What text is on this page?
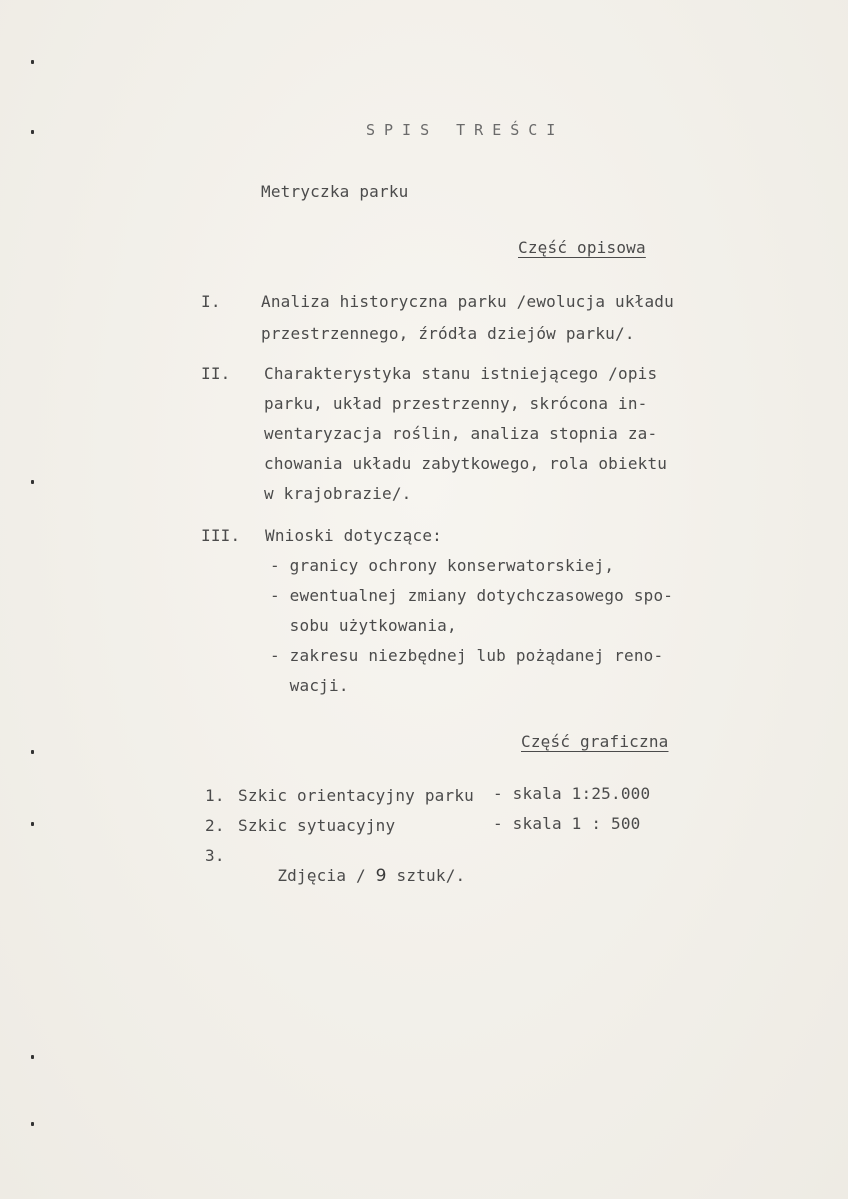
SPIS TREŚCI
Metryczka parku
Część opisowa
I.	Analiza historyczna parku /ewolucja układu
przestrzennego, źródła dziejów parku/.
II. Charakterystyka stanu istniejącego /opis
parku, układ przestrzenny, skrócona in-
wentaryzacja roślin, analiza stopnia za-
chowania układu zabytkowego, rola obiektu
w krajobrazie/.
III. Wnioski dotyczące:
- granicy ochrony konserwatorskiej,
- ewentualnej zmiany dotychczasowego spo-
sobu użytkowania,
- zakresu niezbędnej lub pożądanej reno-
wacji.
Część graficzna
1. Szkic orientacyjny parku - skala 1:25.000
2. Szkic sytuacyjny	- skala 1 : 500
3.

Zdjęcia / 9 sztuk/.
